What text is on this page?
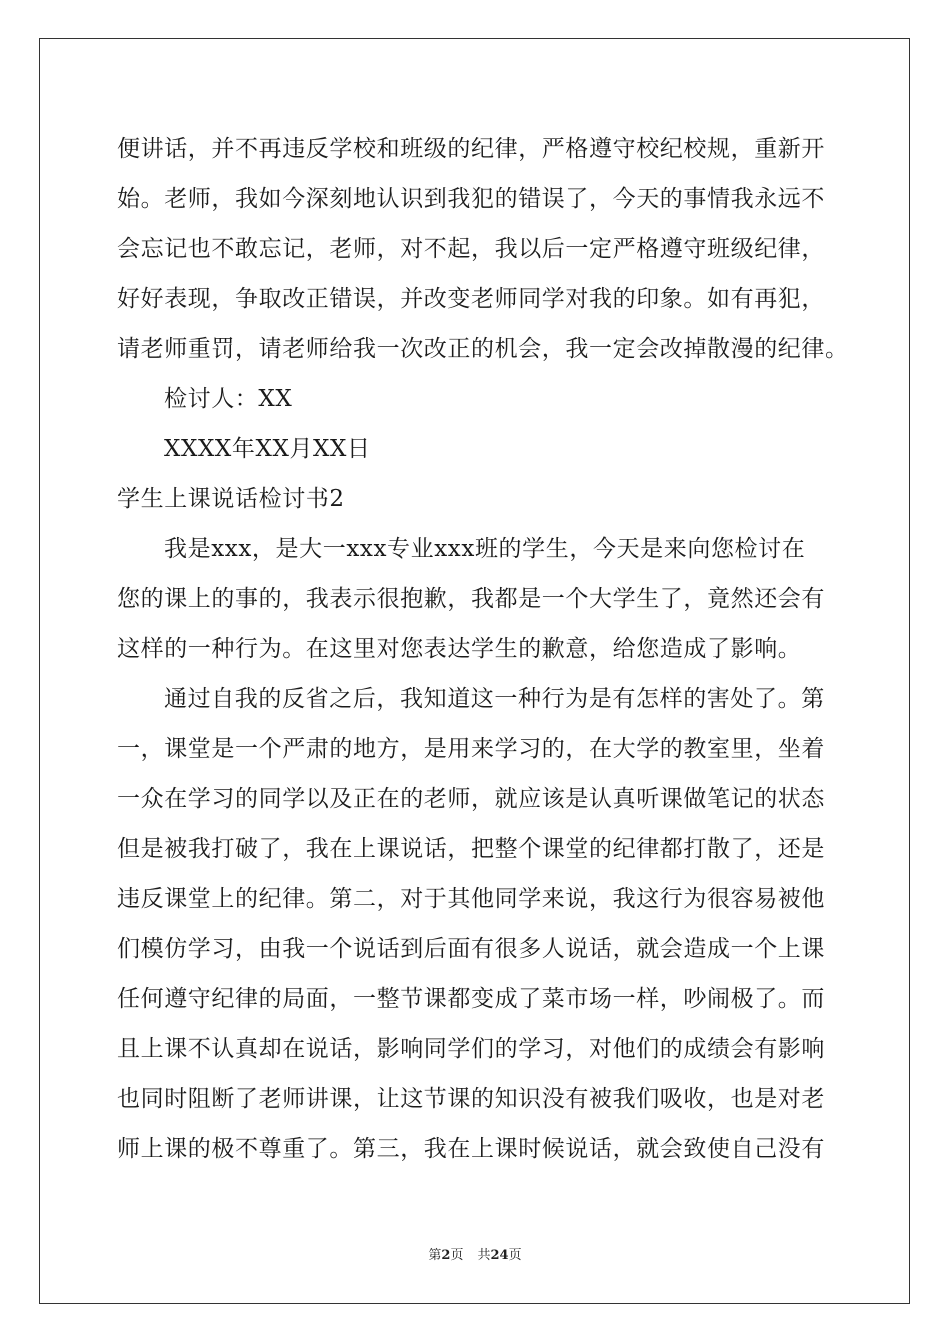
便讲话，并不再违反学校和班级的纪律，严格遵守校纪校规，重新开
始。老师，我如今深刻地认识到我犯的错误了，今天的事情我永远不
会忘记也不敢忘记，老师，对不起，我以后一定严格遵守班级纪律，
好好表现，争取改正错误，并改变老师同学对我的印象。如有再犯，
请老师重罚，请老师给我一次改正的机会，我一定会改掉散漫的纪律。
检讨人：XX
XXXX年XX月XX日
学生上课说话检讨书2
我是xxx，是大一xxx专业xxx班的学生，今天是来向您检讨在
您的课上的事的，我表示很抱歉，我都是一个大学生了，竟然还会有
这样的一种行为。在这里对您表达学生的歉意，给您造成了影响。
通过自我的反省之后，我知道这一种行为是有怎样的害处了。第
一，课堂是一个严肃的地方，是用来学习的，在大学的教室里，坐着
一众在学习的同学以及正在的老师，就应该是认真听课做笔记的状态
但是被我打破了，我在上课说话，把整个课堂的纪律都打散了，还是
违反课堂上的纪律。第二，对于其他同学来说，我这行为很容易被他
们模仿学习，由我一个说话到后面有很多人说话，就会造成一个上课
任何遵守纪律的局面，一整节课都变成了菜市场一样，吵闹极了。而
且上课不认真却在说话，影响同学们的学习，对他们的成绩会有影响
也同时阻断了老师讲课，让这节课的知识没有被我们吸收，也是对老
师上课的极不尊重了。第三，我在上课时候说话，就会致使自己没有
第2页 共24页
